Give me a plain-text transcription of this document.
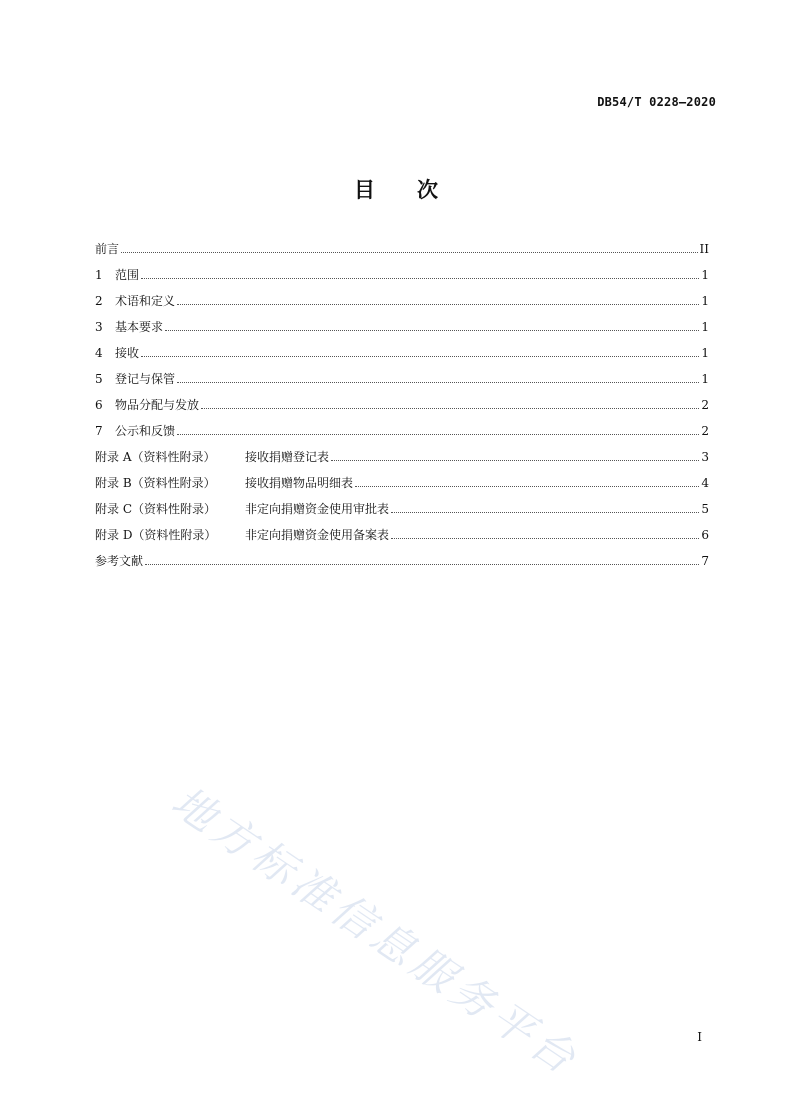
DB54/T 0228—2020
目　　次
前言	II
1	范围	1
2	术语和定义	1
3	基本要求	1
4	接收	1
5	登记与保管	1
6	物品分配与发放	2
7	公示和反馈	2
附录 A（资料性附录）	接收捐赠登记表	3
附录 B（资料性附录）	接收捐赠物品明细表	4
附录 C（资料性附录）	非定向捐赠资金使用审批表	5
附录 D（资料性附录）	非定向捐赠资金使用备案表	6
参考文献	7
地方标准信息服务平台	I
